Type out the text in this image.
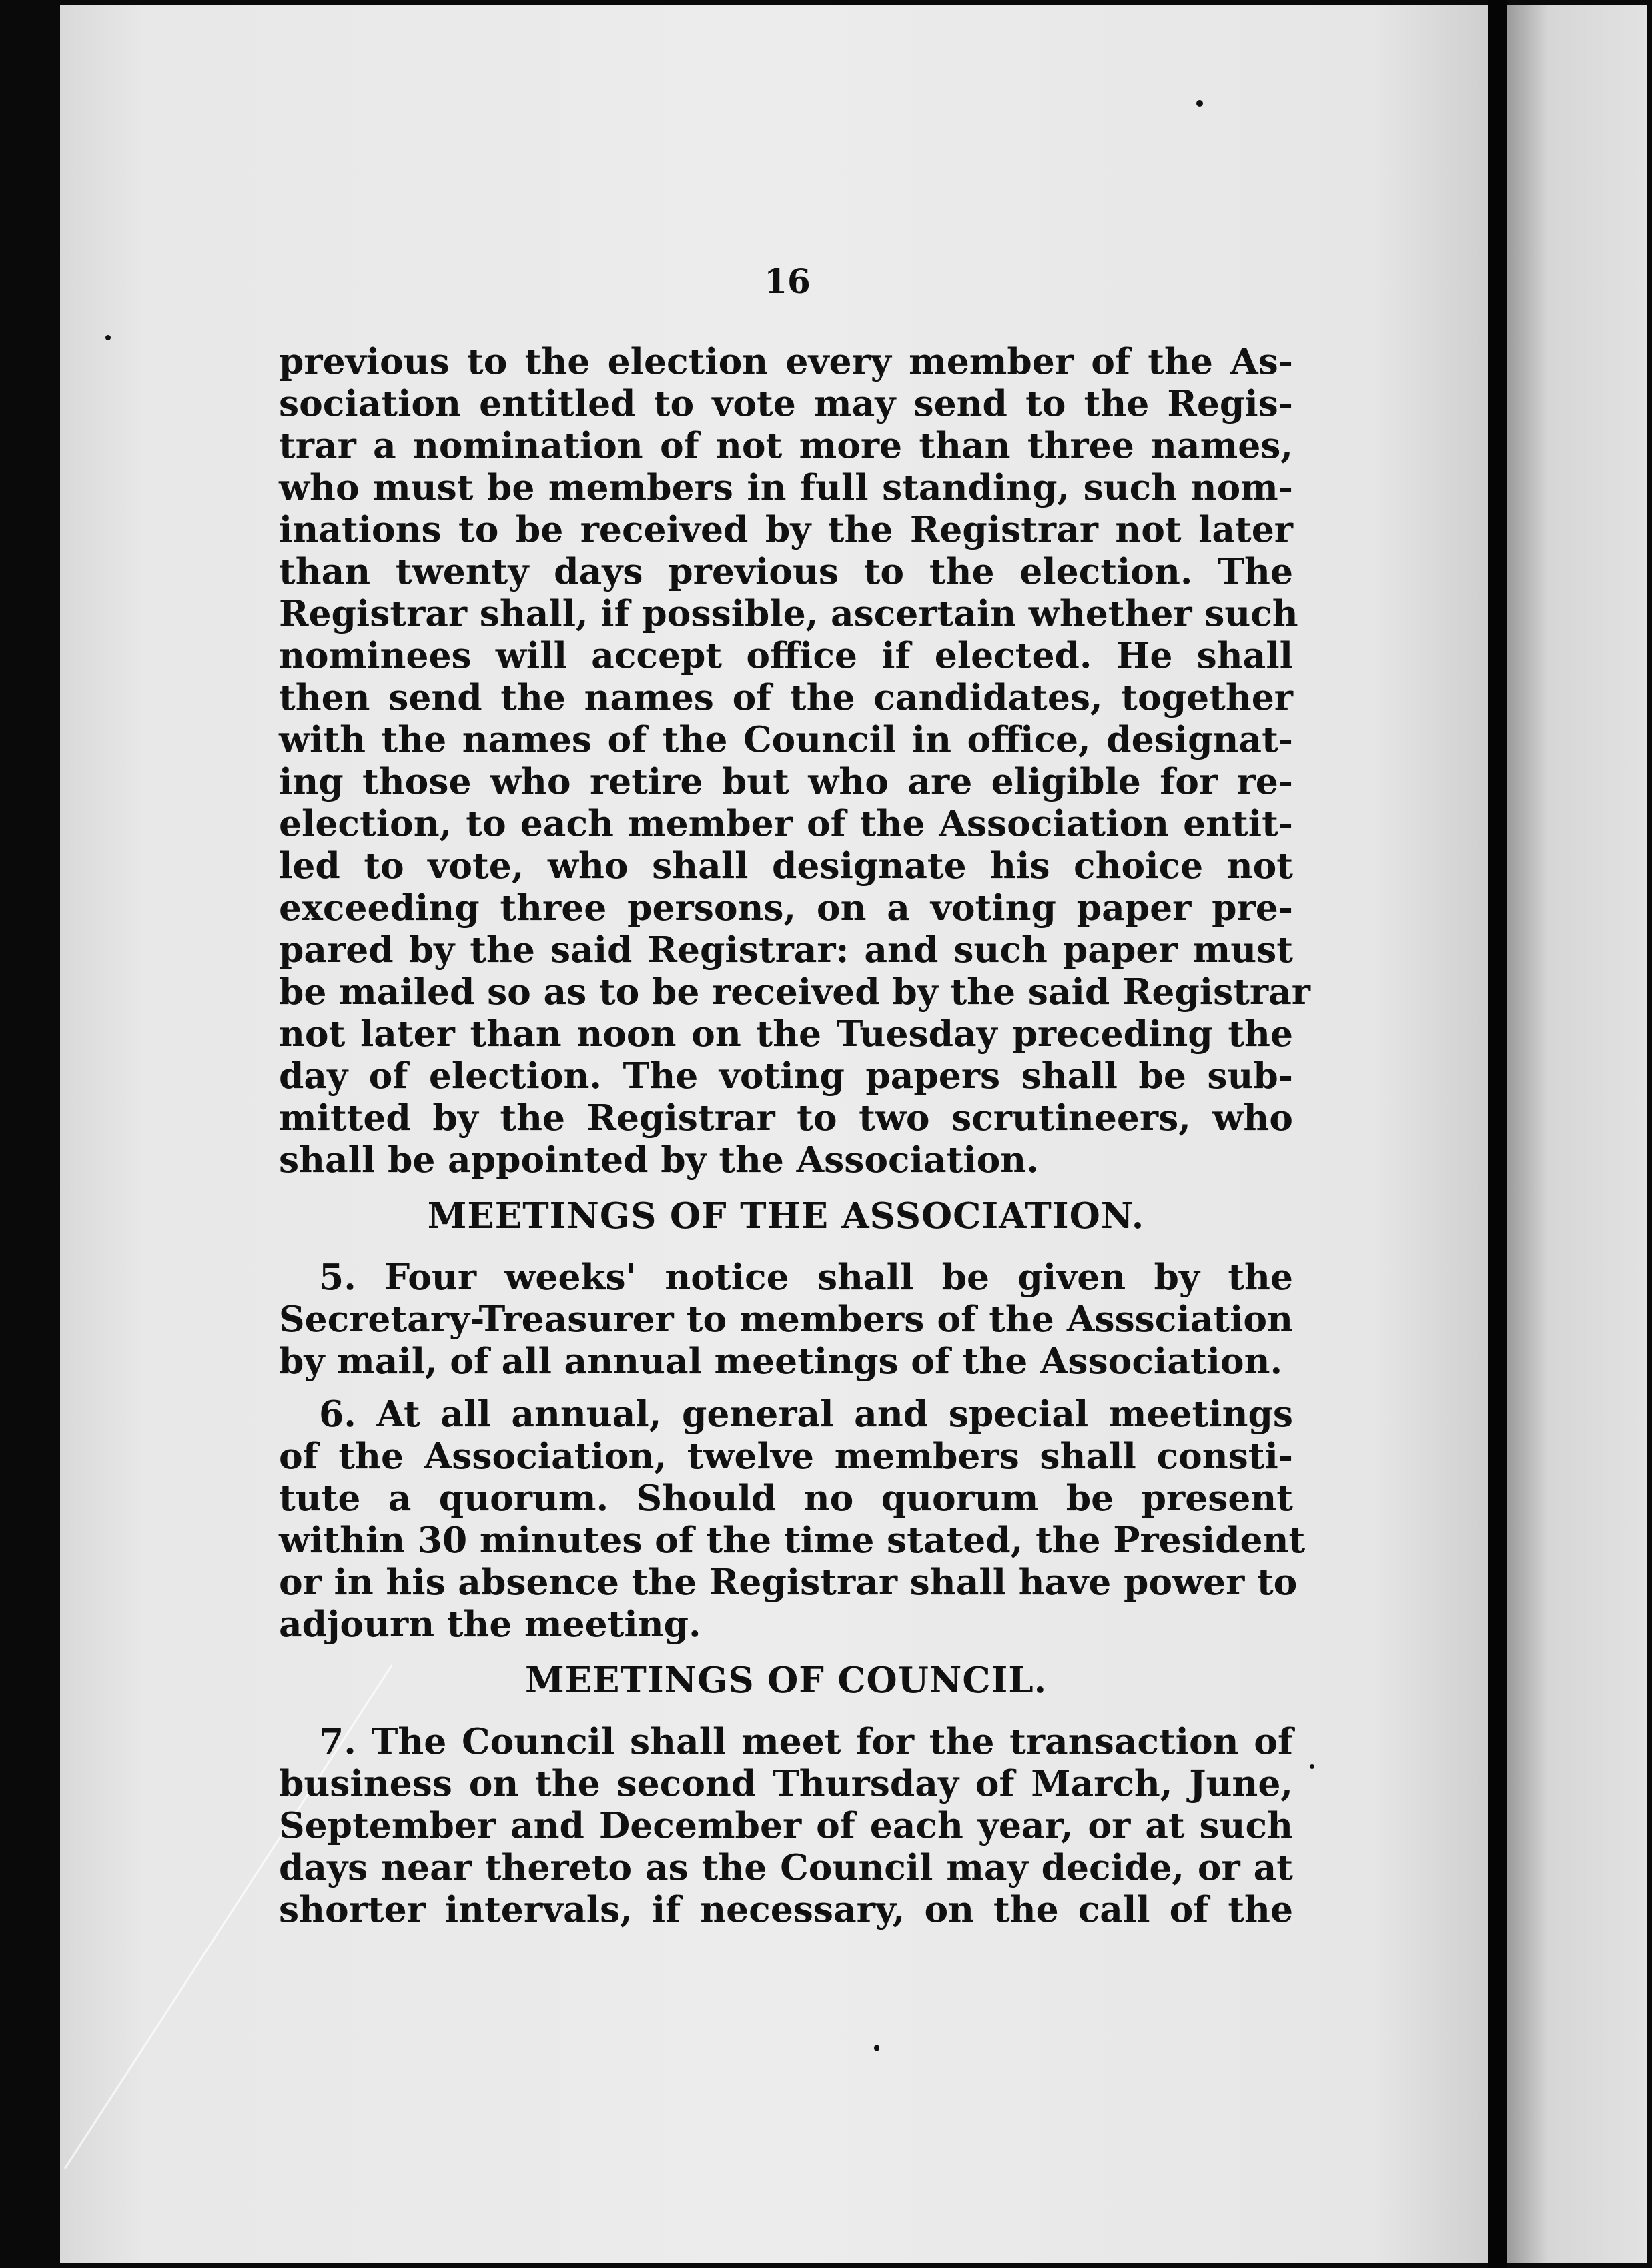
16
previous to the election every member of the As-
sociation entitled to vote may send to the Regis-
trar a nomination of not more than three names,
who must be members in full standing, such nom-
inations to be received by the Registrar not later
than twenty days previous to the election. The
Registrar shall, if possible, ascertain whether such
nominees will accept office if elected. He shall
then send the names of the candidates, together
with the names of the Council in office, designat-
ing those who retire but who are eligible for re-
election, to each member of the Association entit-
led to vote, who shall designate his choice not
exceeding three persons, on a voting paper pre-
pared by the said Registrar: and such paper must
be mailed so as to be received by the said Registrar
not later than noon on the Tuesday preceding the
day of election. The voting papers shall be sub-
mitted by the Registrar to two scrutineers, who
shall be appointed by the Association.
MEETINGS OF THE ASSOCIATION.
5. Four weeks' notice shall be given by the
Secretary-Treasurer to members of the Asssciation
by mail, of all annual meetings of the Association.
6. At all annual, general and special meetings
of the Association, twelve members shall consti-
tute a quorum. Should no quorum be present
within 30 minutes of the time stated, the President
or in his absence the Registrar shall have power to
adjourn the meeting.
MEETINGS OF COUNCIL.
7. The Council shall meet for the transaction of
business on the second Thursday of March, June,
September and December of each year, or at such
days near thereto as the Council may decide, or at
shorter intervals, if necessary, on the call of the
